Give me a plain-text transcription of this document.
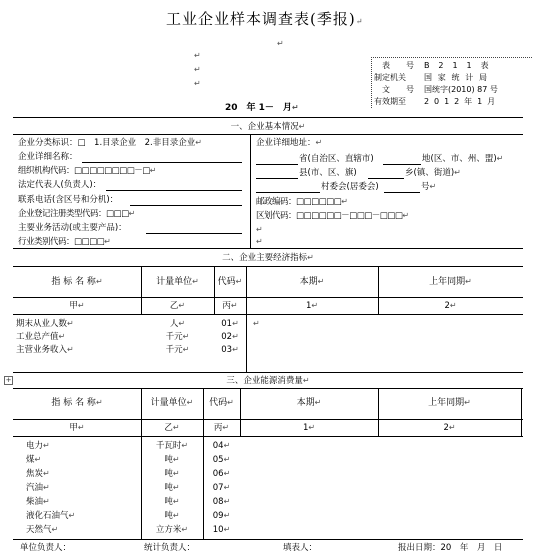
工业企业样本调查表(季报)↵
↵
↵
↵
↵
表　　号 B 2 1 1 表
制定机关 国 家 统 计 局
文　　号 国统字(2010) 87 号
有效期至 2 0 1 2 年 1 月
20　年 1－　月↵
一、企业基本情况↵
企业分类标识：□　1.目录企业　2.非目录企业↵
企业详细名称：
组织机构代码：□□□□□□□□－□↵
法定代表人(负责人)：
联系电话(含区号和分机)：
企业登记注册类型代码：□□□↵
主要业务活动(或主要产品)：
行业类别代码：□□□□↵
企业详细地址：↵
省(自治区、直辖市)	地(区、市、州、盟)↵
县(市、区、旗)	乡(镇、街道)↵
村委会(居委会)	号↵
邮政编码：□□□□□□↵
区划代码：□□□□□□－□□□－□□□↵
↵
↵
二、企业主要经济指标↵
指 标 名 称↵	计量单位↵	代码↵	本期↵	上年同期↵
甲↵	乙↵	丙↵	1↵	2↵
期末从业人数↵	人↵	01↵
工业总产值↵	千元↵	02↵
主营业务收入↵	千元↵	03↵
↵
+	三、企业能源消费量↵
指 标 名 称↵	计量单位↵	代码↵	本期↵	上年同期↵
甲↵	乙↵	丙↵	1↵	2↵
电力↵	千瓦时↵	04↵
煤↵	吨↵	05↵
焦炭↵	吨↵	06↵
汽油↵	吨↵	07↵
柴油↵	吨↵	08↵
液化石油气↵	吨↵	09↵
天然气↵	立方米↵	10↵
单位负责人：	统计负责人：	填表人：	报出日期：20　年　月　日
